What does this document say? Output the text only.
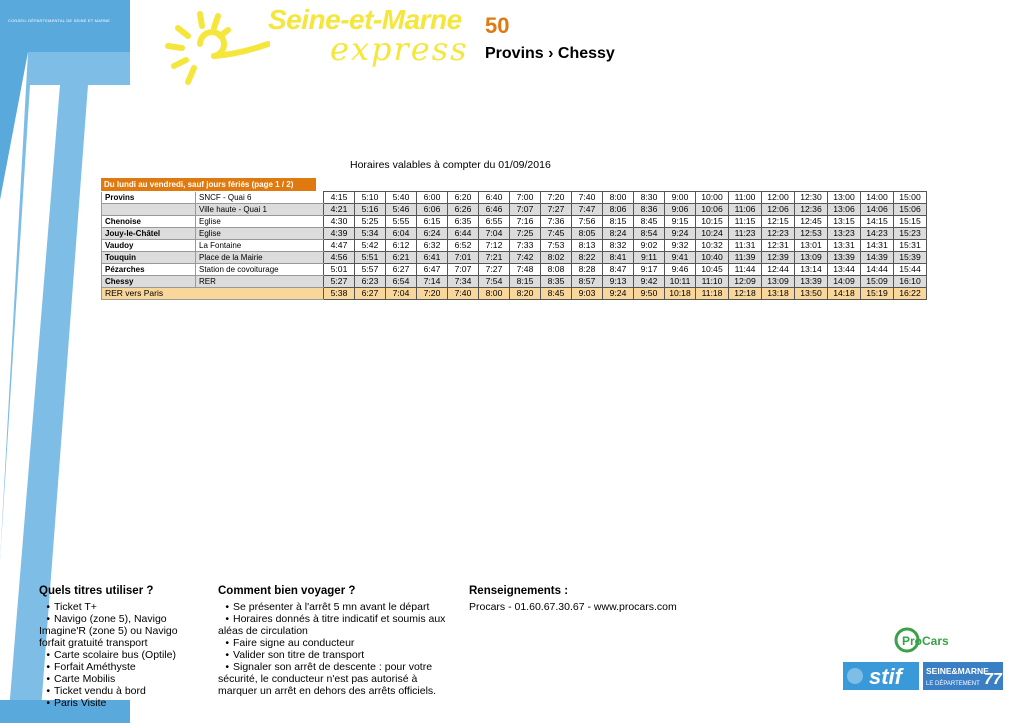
CONSEIL DÉPARTEMENTAL DE SEINE ET MARNE	Seine-et-Marne
express
50
Provins › Chessy
Horaires valables à compter du 01/09/2016
Du lundi au vendredi, sauf jours fériés (page 1 / 2)
Provins	SNCF - Quai 6	4:15	5:10	5:40	6:00	6:20	6:40	7:00	7:20	7:40	8:00	8:30	9:00	10:00	11:00	12:00	12:30	13:00	14:00	15:00
	Ville haute - Quai 1	4:21	5:16	5:46	6:06	6:26	6:46	7:07	7:27	7:47	8:06	8:36	9:06	10:06	11:06	12:06	12:36	13:06	14:06	15:06
Chenoise	Eglise	4:30	5:25	5:55	6:15	6:35	6:55	7:16	7:36	7:56	8:15	8:45	9:15	10:15	11:15	12:15	12:45	13:15	14:15	15:15
Jouy-le-Châtel	Eglise	4:39	5:34	6:04	6:24	6:44	7:04	7:25	7:45	8:05	8:24	8:54	9:24	10:24	11:23	12:23	12:53	13:23	14:23	15:23
Vaudoy	La Fontaine	4:47	5:42	6:12	6:32	6:52	7:12	7:33	7:53	8:13	8:32	9:02	9:32	10:32	11:31	12:31	13:01	13:31	14:31	15:31
Touquin	Place de la Mairie	4:56	5:51	6:21	6:41	7:01	7:21	7:42	8:02	8:22	8:41	9:11	9:41	10:40	11:39	12:39	13:09	13:39	14:39	15:39
Pézarches	Station de covoiturage	5:01	5:57	6:27	6:47	7:07	7:27	7:48	8:08	8:28	8:47	9:17	9:46	10:45	11:44	12:44	13:14	13:44	14:44	15:44
Chessy	RER	5:27	6:23	6:54	7:14	7:34	7:54	8:15	8:35	8:57	9:13	9:42	10:11	11:10	12:09	13:09	13:39	14:09	15:09	16:10
RER vers Paris		5:38	6:27	7:04	7:20	7:40	8:00	8:20	8:45	9:03	9:24	9:50	10:18	11:18	12:18	13:18	13:50	14:18	15:19	16:22
Quels titres utiliser ?
• Ticket T+
• Navigo (zone 5), Navigo Imagine'R (zone 5) ou Navigo forfait gratuité transport
• Carte scolaire bus (Optile)
• Forfait Améthyste
• Carte Mobilis
• Ticket vendu à bord
• Paris Visite
Comment bien voyager ?
• Se présenter à l'arrêt 5 mn avant le départ
• Horaires donnés à titre indicatif et soumis aux aléas de circulation
• Faire signe au conducteur
• Valider son titre de transport
• Signaler son arrêt de descente : pour votre sécurité, le conducteur n'est pas autorisé à marquer un arrêt en dehors des arrêts officiels.
Renseignements :
Procars - 01.60.67.30.67 - www.procars.com
ProCars
stif	SEINE&MARNE
LE DÉPARTEMENT 77
